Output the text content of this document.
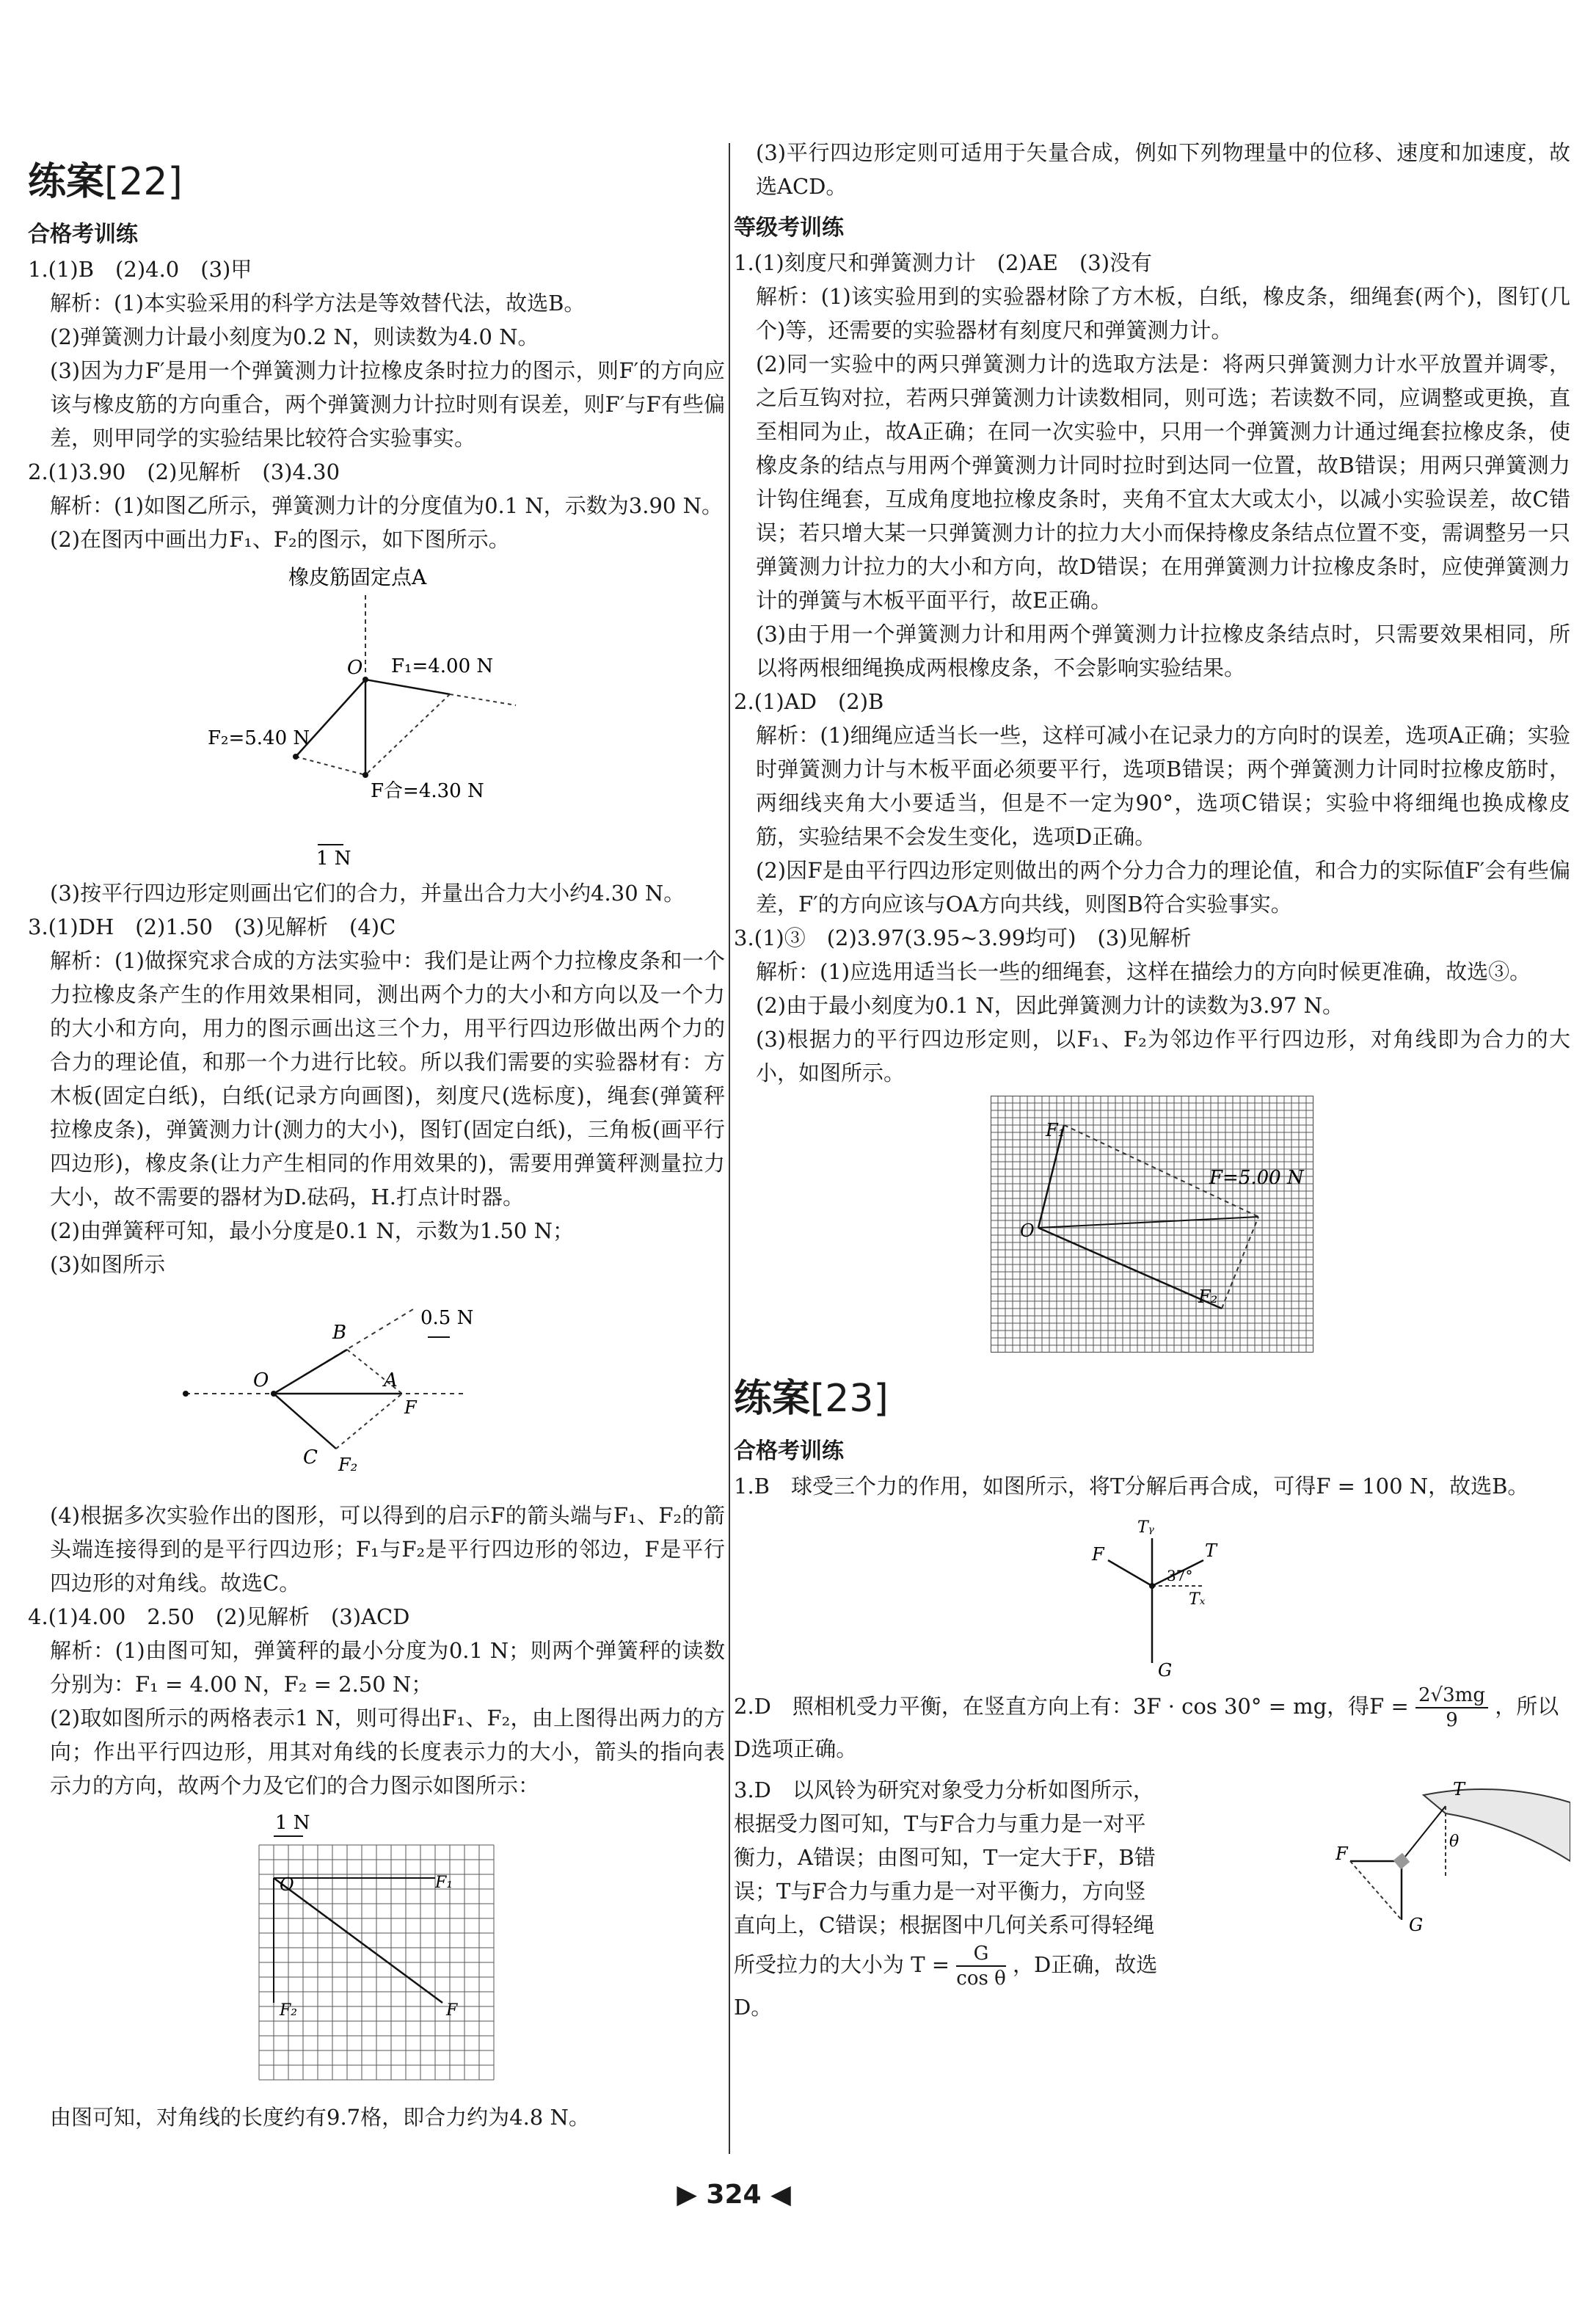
练案[22]
合格考训练

1.(1)B　(2)4.0　(3)甲

解析：(1)本实验采用的科学方法是等效替代法，故选B。

(2)弹簧测力计最小刻度为0.2 N，则读数为4.0 N。

(3)因为力F′是用一个弹簧测力计拉橡皮条时拉力的图示，则F′的方向应该与橡皮筋的方向重合，两个弹簧测力计拉时则有误差，则F′与F有些偏差，则甲同学的实验结果比较符合实验事实。

2.(1)3.90　(2)见解析　(3)4.30

解析：(1)如图乙所示，弹簧测力计的分度值为0.1 N，示数为3.90 N。

(2)在图丙中画出力F₁、F₂的图示，如下图所示。

橡皮筋固定点A
O F₁=4.00 N
F₂=5.40 N
F合=4.30 N
1 N

(3)按平行四边形定则画出它们的合力，并量出合力大小约4.30 N。

3.(1)DH　(2)1.50　(3)见解析　(4)C

解析：(1)做探究求合成的方法实验中：我们是让两个力拉橡皮条和一个力拉橡皮条产生的作用效果相同，测出两个力的大小和方向以及一个力的大小和方向，用力的图示画出这三个力，用平行四边形做出两个力的合力的理论值，和那一个力进行比较。所以我们需要的实验器材有：方木板(固定白纸)，白纸(记录方向画图)，刻度尺(选标度)，绳套(弹簧秤拉橡皮条)，弹簧测力计(测力的大小)，图钉(固定白纸)，三角板(画平行四边形)，橡皮条(让力产生相同的作用效果的)，需要用弹簧秤测量拉力大小，故不需要的器材为D.砝码，H.打点计时器。

(2)由弹簧秤可知，最小分度是0.1 N，示数为1.50 N；

(3)如图所示

B
O	A
F
C F₂
0.5 N

(4)根据多次实验作出的图形，可以得到的启示F的箭头端与F₁、F₂的箭头端连接得到的是平行四边形；F₁与F₂是平行四边形的邻边，F是平行四边形的对角线。故选C。

4.(1)4.00　2.50　(2)见解析　(3)ACD

解析：(1)由图可知，弹簧秤的最小分度为0.1 N；则两个弹簧秤的读数分别为：F₁ = 4.00 N，F₂ = 2.50 N；

(2)取如图所示的两格表示1 N，则可得出F₁、F₂，由上图得出两力的方向；作出平行四边形，用其对角线的长度表示力的大小，箭头的指向表示力的方向，故两个力及它们的合力图示如图所示：

1 N
O	F₁
F₂	F

由图可知，对角线的长度约有9.7格，即合力约为4.8 N。

(3)平行四边形定则可适用于矢量合成，例如下列物理量中的位移、速度和加速度，故选ACD。

等级考训练

1.(1)刻度尺和弹簧测力计　(2)AE　(3)没有

解析：(1)该实验用到的实验器材除了方木板，白纸，橡皮条，细绳套(两个)，图钉(几个)等，还需要的实验器材有刻度尺和弹簧测力计。

(2)同一实验中的两只弹簧测力计的选取方法是：将两只弹簧测力计水平放置并调零，之后互钩对拉，若两只弹簧测力计读数相同，则可选；若读数不同，应调整或更换，直至相同为止，故A正确；在同一次实验中，只用一个弹簧测力计通过绳套拉橡皮条，使橡皮条的结点与用两个弹簧测力计同时拉时到达同一位置，故B错误；用两只弹簧测力计钩住绳套，互成角度地拉橡皮条时，夹角不宜太大或太小，以减小实验误差，故C错误；若只增大某一只弹簧测力计的拉力大小而保持橡皮条结点位置不变，需调整另一只弹簧测力计拉力的大小和方向，故D错误；在用弹簧测力计拉橡皮条时，应使弹簧测力计的弹簧与木板平面平行，故E正确。

(3)由于用一个弹簧测力计和用两个弹簧测力计拉橡皮条结点时，只需要效果相同，所以将两根细绳换成两根橡皮条，不会影响实验结果。

2.(1)AD　(2)B

解析：(1)细绳应适当长一些，这样可减小在记录力的方向时的误差，选项A正确；实验时弹簧测力计与木板平面必须要平行，选项B错误；两个弹簧测力计同时拉橡皮筋时，两细线夹角大小要适当，但是不一定为90°，选项C错误；实验中将细绳也换成橡皮筋，实验结果不会发生变化，选项D正确。

(2)因F是由平行四边形定则做出的两个分力合力的理论值，和合力的实际值F′会有些偏差，F′的方向应该与OA方向共线，则图B符合实验事实。

3.(1)③　(2)3.97(3.95~3.99均可)　(3)见解析

解析：(1)应选用适当长一些的细绳套，这样在描绘力的方向时候更准确，故选③。

(2)由于最小刻度为0.1 N，因此弹簧测力计的读数为3.97 N。

(3)根据力的平行四边形定则，以F₁、F₂为邻边作平行四边形，对角线即为合力的大小，如图所示。

F₁
F₂
O
F=5.00 N
练案[23]
合格考训练

1.B　球受三个力的作用，如图所示，将T分解后再合成，可得F = 100 N，故选B。

F
Tᵧ
T
37°
Tₓ
G

2.D　照相机受力平衡，在竖直方向上有：3F · cos 30° = mg，得$F = \frac{2√3mg}{9}$ ，所以D选项正确。

T
F
θ
G

3.D　以风铃为研究对象受力分析如图所示，根据受力图可知，T与F合力与重力是一对平衡力，A错误；由图可知，T一定大于F，B错误；T与F合力与重力是一对平衡力，方向竖直向上，C错误；根据图中几何关系可得轻绳所受拉力的大小为 $T = \frac{G}{\text{cos θ}}$ ，D正确，故选D。

▶ 324 ◀
